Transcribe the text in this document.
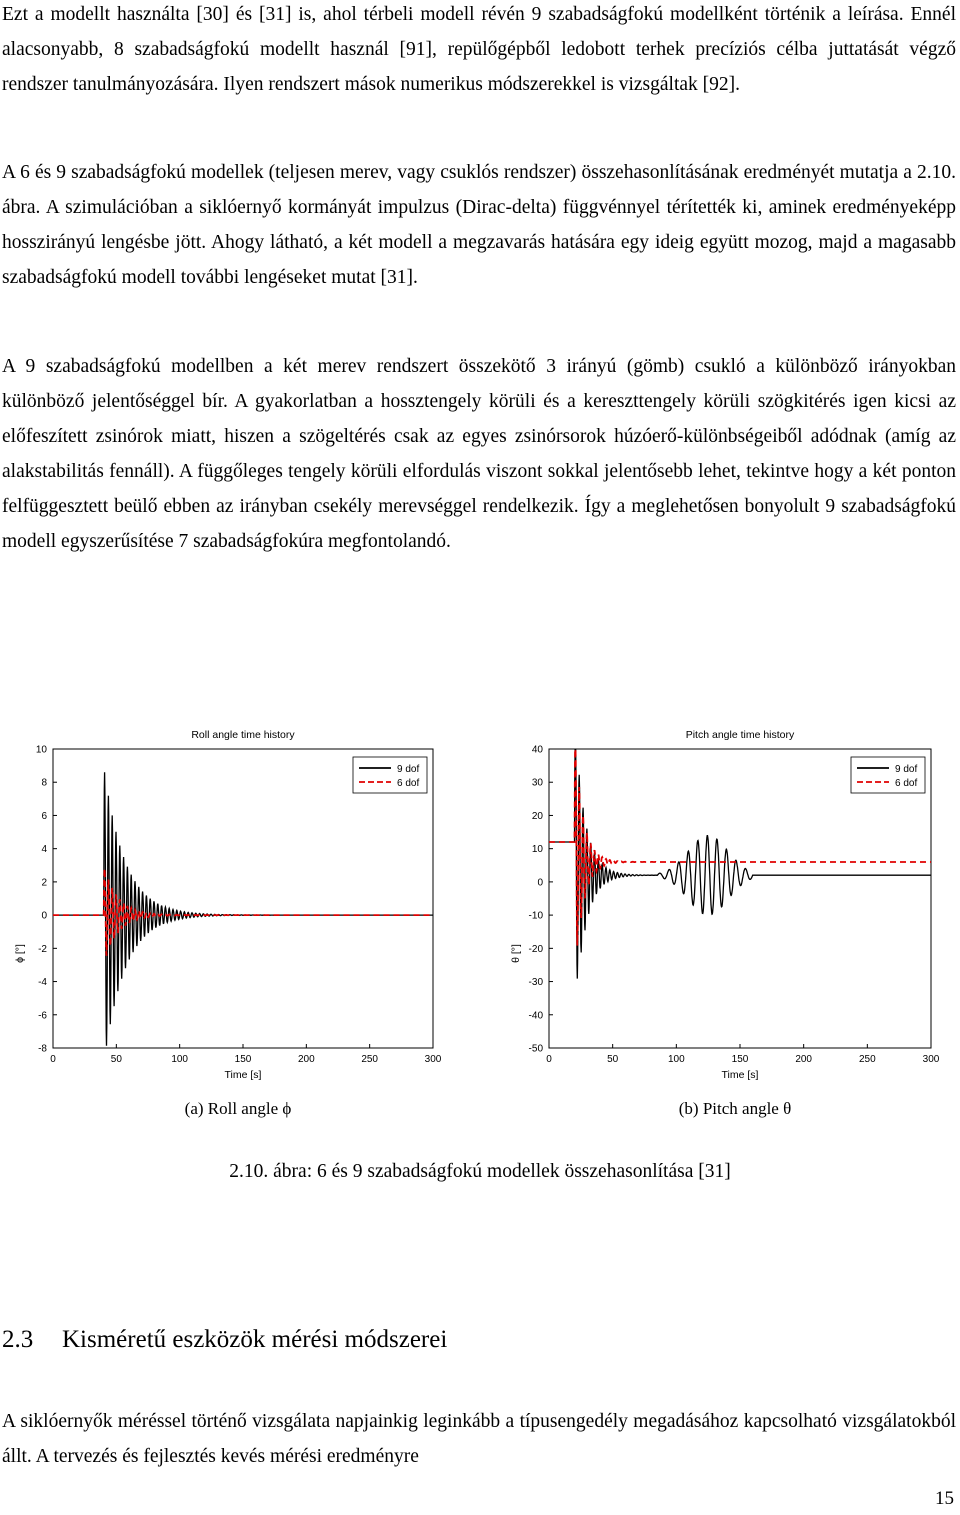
Ezt a modellt használta [30] és [31] is, ahol térbeli modell révén 9 szabadságfokú modellként történik a leírása. Ennél alacsonyabb, 8 szabadságfokú modellt használ [91], repülőgépből ledobott terhek precíziós célba juttatását végző rendszer tanulmányozására. Ilyen rendszert mások numerikus módszerekkel is vizsgáltak [92].

A 6 és 9 szabadságfokú modellek (teljesen merev, vagy csuklós rendszer) összehasonlításának eredményét mutatja a 2.10. ábra. A szimulációban a siklóernyő kormányát impulzus (Dirac-delta) függvénnyel térítették ki, aminek eredményeképp hosszirányú lengésbe jött. Ahogy látható, a két modell a megzavarás hatására egy ideig együtt mozog, majd a magasabb szabadságfokú modell további lengéseket mutat [31].

A 9 szabadságfokú modellben a két merev rendszert összekötő 3 irányú (gömb) csukló a különböző irányokban különböző jelentőséggel bír. A gyakorlatban a hossztengely körüli és a kereszttengely körüli szögkitérés igen kicsi az előfeszített zsinórok miatt, hiszen a szögeltérés csak az egyes zsinórsorok húzóerő-különbségeiből adódnak (amíg az alakstabilitás fennáll). A függőleges tengely körüli elfordulás viszont sokkal jelentősebb lehet, tekintve hogy a két ponton felfüggesztett beülő ebben az irányban csekély merevséggel rendelkezik. Így a meglehetősen bonyolult 9 szabadságfokú modell egyszerűsítése 7 szabadságfokúra megfontolandó.

Roll angle time history
0	50	100	150	200	250	300
10
8
6
4
2
0
-2
-4
-6
-8
Time [s]
ϕ [°]
(a) Roll angle ϕ
9 dof
6 dof
Pitch angle time history
0	50	100	150	200	250	300
40
30
20
10
0
-10
-20
-30
-40
-50
Time [s]
θ [°]
(b) Pitch angle θ
9 dof
6 dof
2.10. ábra: 6 és 9 szabadságfokú modellek összehasonlítása [31]
2.3 Kisméretű eszközök mérési módszerei

A siklóernyők méréssel történő vizsgálata napjainkig leginkább a típusengedély megadásához kapcsolható vizsgálatokból állt. A tervezés és fejlesztés kevés mérési eredményre

15
